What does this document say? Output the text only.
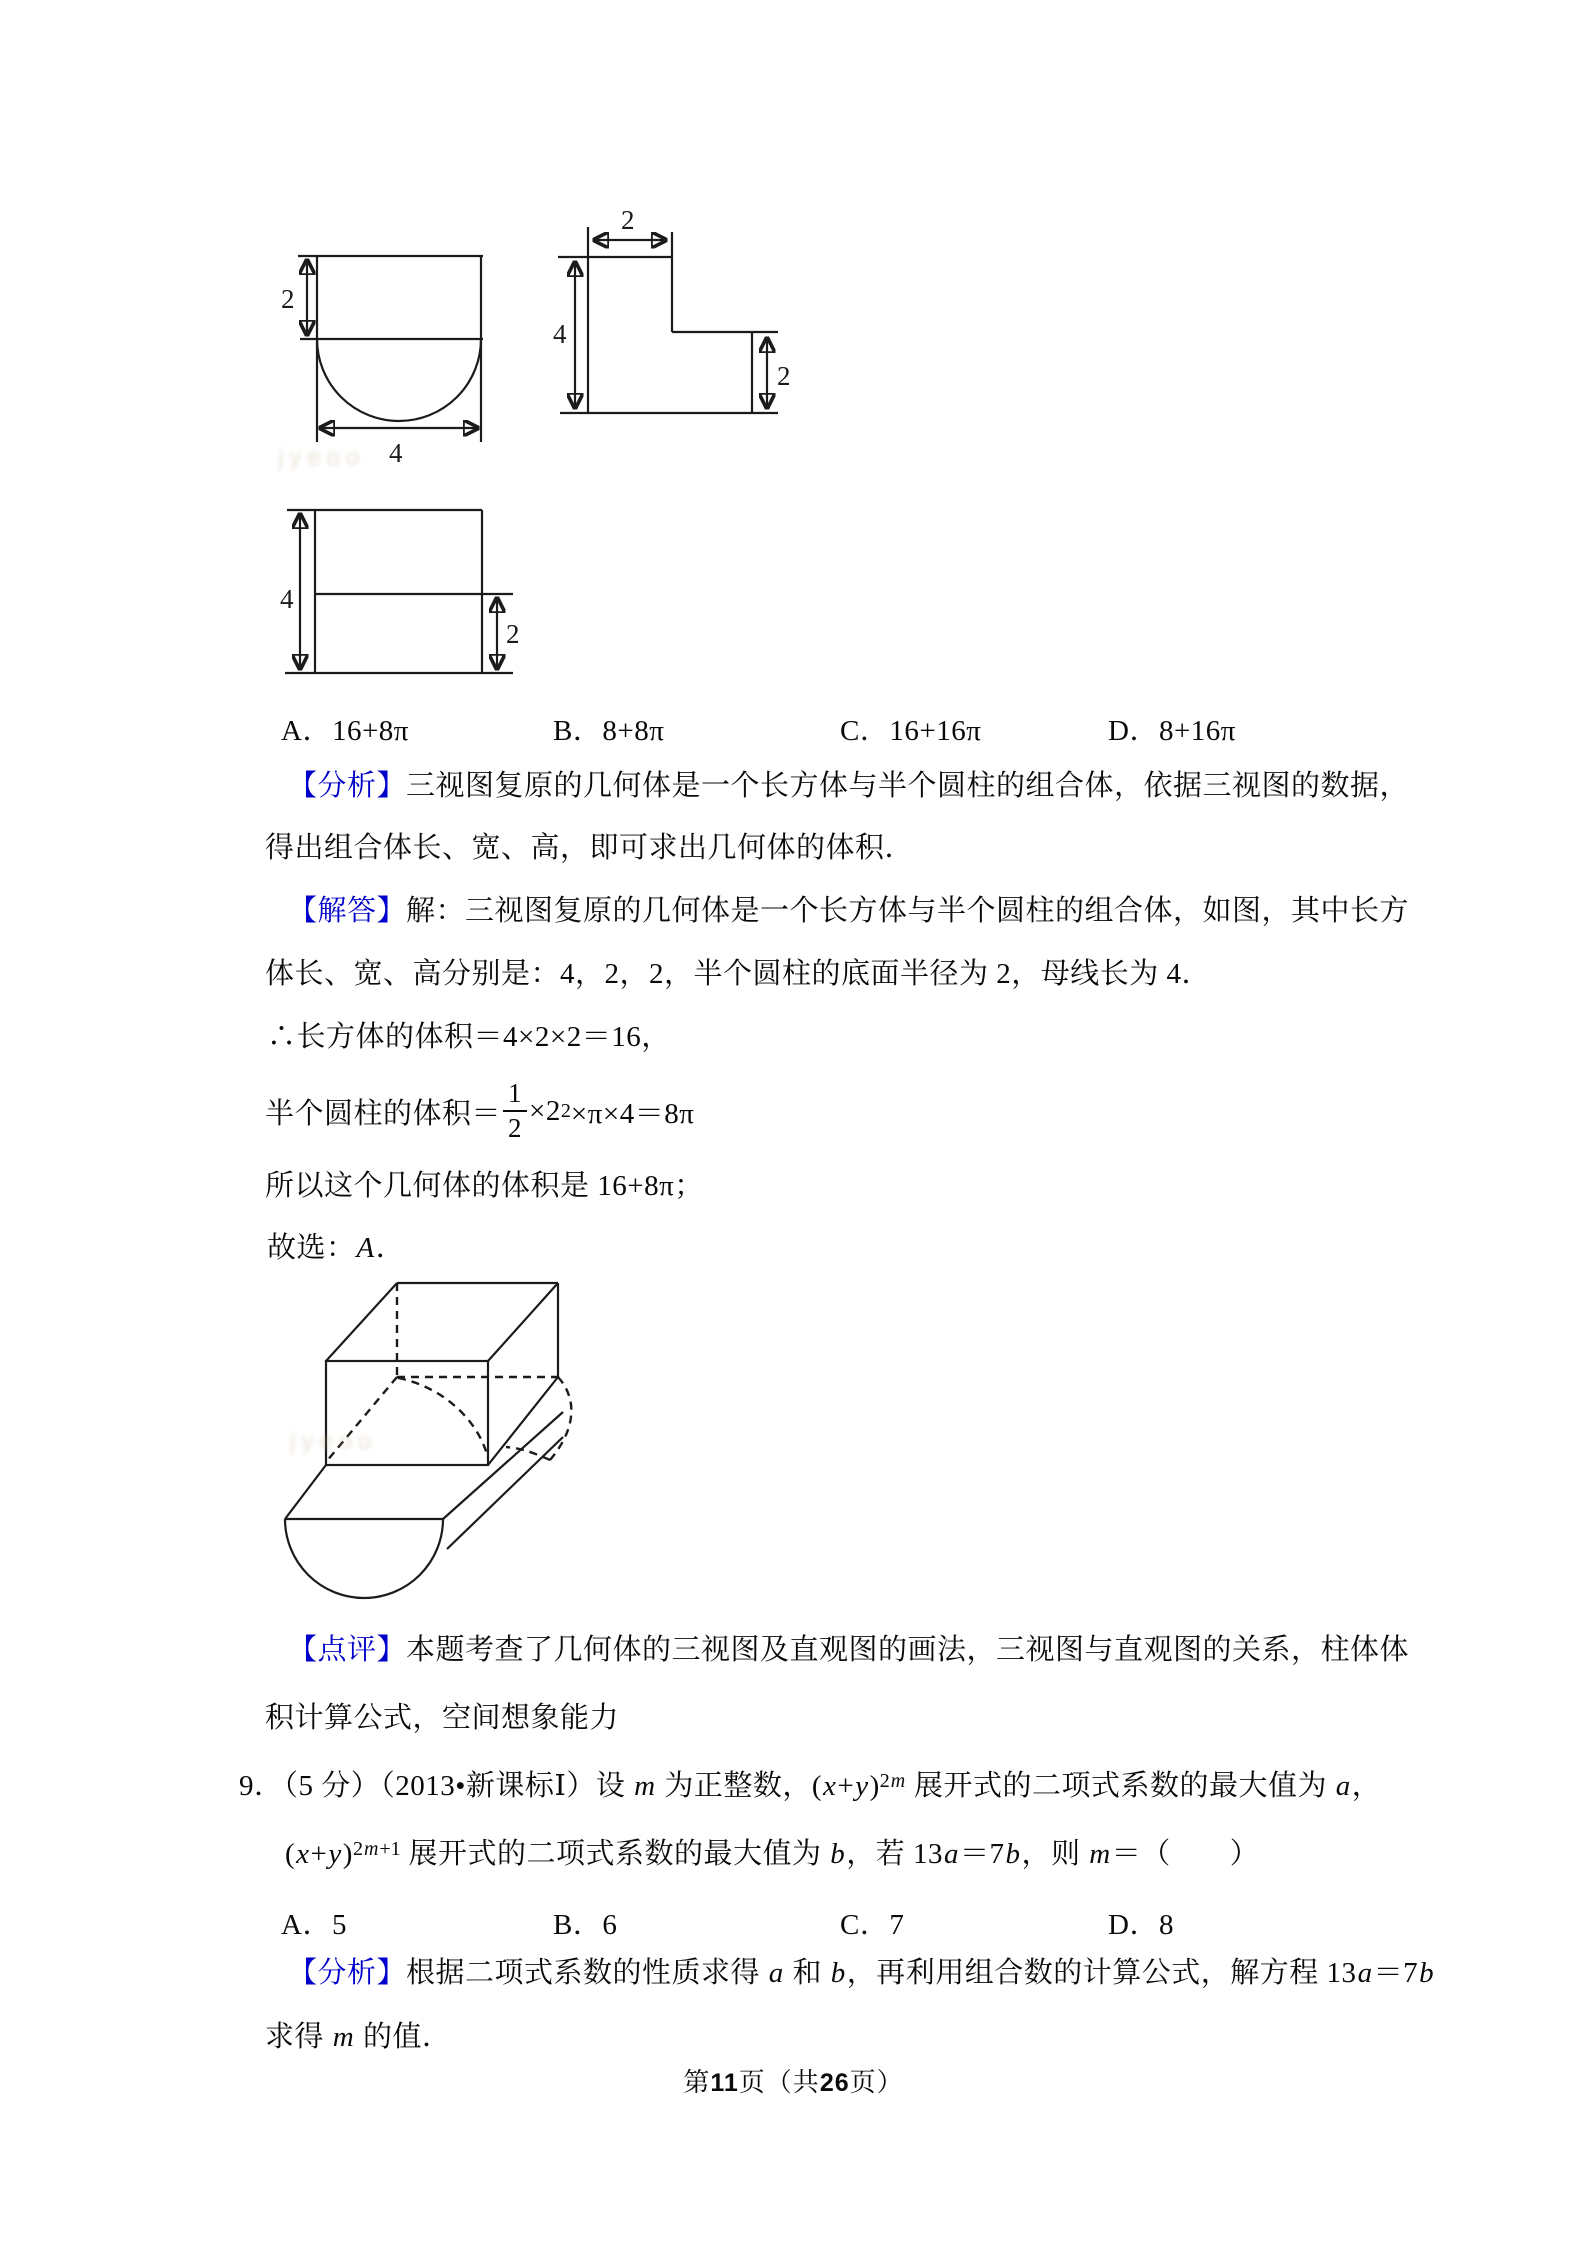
2
4
2
2
4
jyeoo
4
2
A．16+8π	B．8+8π	C．16+16π	D．8+16π
【分析】三视图复原的几何体是一个长方体与半个圆柱的组合体，依据三视图的数据，
得出组合体长、宽、高，即可求出几何体的体积．
【解答】解：三视图复原的几何体是一个长方体与半个圆柱的组合体，如图，其中长方
体长、宽、高分别是：4，2，2，半个圆柱的底面半径为 2，母线长为 4．
∴长方体的体积＝4×2×2＝16，
半个圆柱的体积＝ $\frac{1}{2} \times 2$ 2 ×π×4＝8π
所以这个几何体的体积是 16+8π；
故选：A．
jyeoo
【点评】本题考查了几何体的三视图及直观图的画法，三视图与直观图的关系，柱体体
积计算公式，空间想象能力
9．（5 分）（2013•新课标Ⅰ）设 m 为正整数，$(x+y)^{2m}$ 展开式的二项式系数的最大值为 a，
$(x+y)^{2m+1}$ 展开式的二项式系数的最大值为 b，若 13a＝7b，则 m＝（　　）
A．5	B．6	C．7	D．8
【分析】根据二项式系数的性质求得 a 和 b，再利用组合数的计算公式，解方程 13a＝7b
求得 m 的值．
第11页（共26页）
